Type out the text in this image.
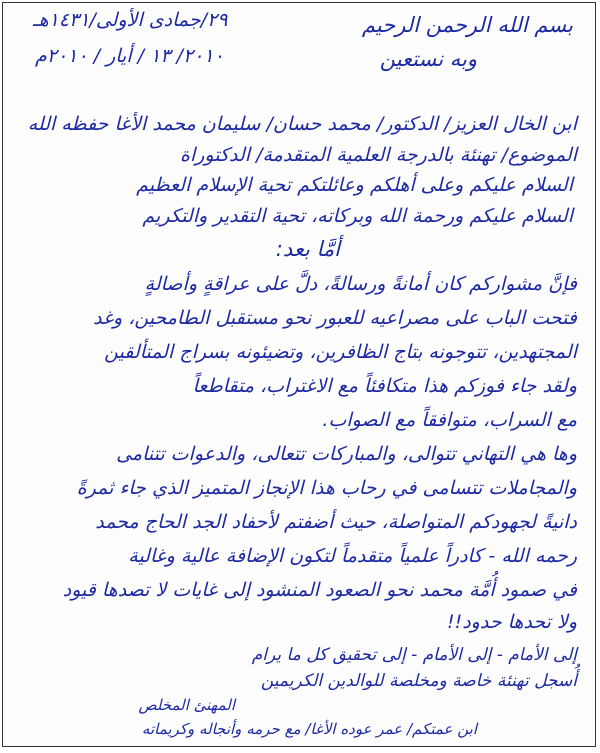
بسم الله الرحمن الرحيم
٢٩/جمادى الأولى/١٤٣١هـ
وبه نستعين
٢٠١٠/ ١٣ / أيار / ٢٠١٠م
ابن الخال العزيز/ الدكتور/ محمد حسان/ سليمان محمد الأغا حفظه الله
الموضوع/ تهنئة بالدرجة العلمية المتقدمة/ الدكتوراة
السلام عليكم وعلى أهلكم وعائلتكم تحية الإسلام العظيم
السلام عليكم ورحمة الله وبركاته، تحية التقدير والتكريم
أمَّا بعد:
فإنَّ مشواركم كان أمانةً ورسالةً، دلَّ على عراقةٍ وأصالةٍ
فتحت الباب على مصراعيه للعبور نحو مستقبل الطامحين، وغد
المجتهدين، تتوجونه بتاج الظافرين، وتضيئونه بسراج المتألقين
ولقد جاء فوزكم هذا متكافئاً مع الاغتراب، متقاطعاً
مع السراب، متوافقاً مع الصواب.
وها هي التهاني تتوالى، والمباركات تتعالى، والدعوات تتنامى
والمجاملات تتسامى في رحاب هذا الإنجاز المتميز الذي جاء ثمرةً
دانيةً لجهودكم المتواصلة، حيث أضفتم لأحفاد الجد الحاج محمد
رحمه الله - كادراً علمياً متقدماً لتكون الإضافة عالية وغالية
في صمود أُمَّة محمد نحو الصعود المنشود إلى غايات لا تصدها قيود
ولا تحدها حدود!!
إلى الأمام - إلى الأمام - إلى تحقيق كل ما يرام
أُسجل تهنئة خاصة ومخلصة للوالدين الكريمين
المهنئ المخلص
ابن عمتكم/ عمر عوده الأغا/ مع حرمه وأنجاله وكريماته
